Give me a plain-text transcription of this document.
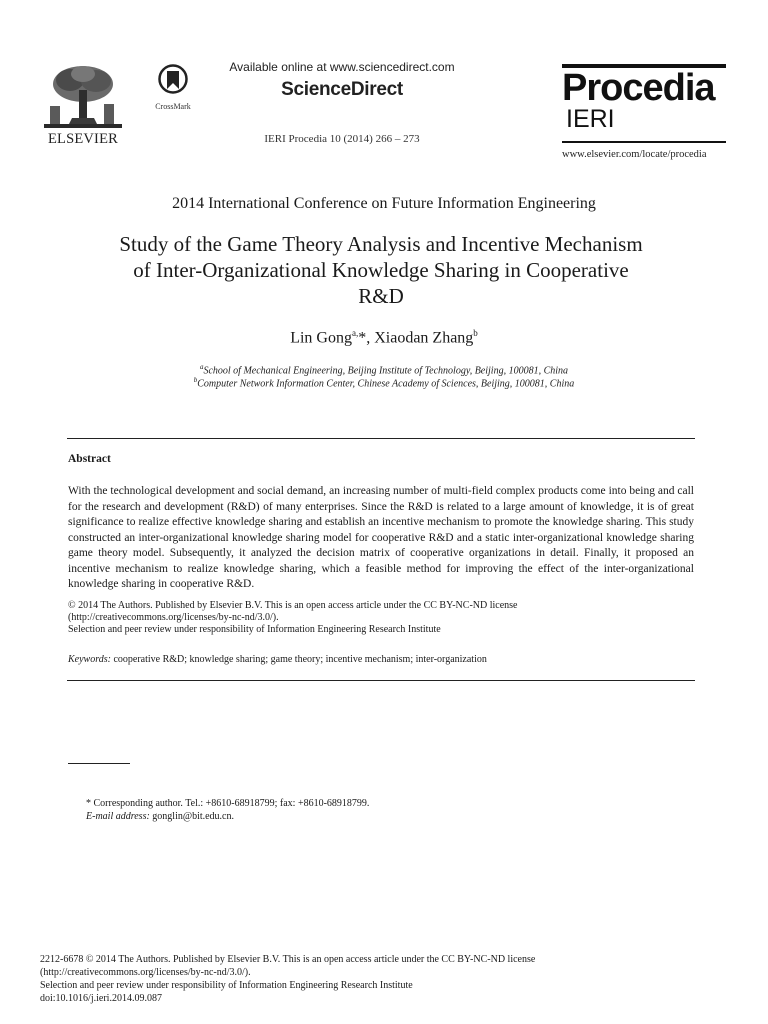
ELSEVIER
CrossMark
Available online at www.sciencedirect.com
ScienceDirect
IERI Procedia 10 (2014) 266 – 273
Procedia
IERI
www.elsevier.com/locate/procedia
2014 International Conference on Future Information Engineering
Study of the Game Theory Analysis and Incentive Mechanism
of Inter-Organizational Knowledge Sharing in Cooperative
R&D
Lin Gong$^{a,}$*, Xiaodan Zhang$^b$
$^a$School of Mechanical Engineering, Beijing Institute of Technology, Beijing, 100081, China
$^b$Computer Network Information Center, Chinese Academy of Sciences, Beijing, 100081, China
Abstract
With the technological development and social demand, an increasing number of multi-field complex products come into being and call for the research and development (R&D) of many enterprises. Since the R&D is related to a large amount of knowledge, it is of great significance to realize effective knowledge sharing and establish an incentive mechanism to promote the knowledge sharing. This study constructed an inter-organizational knowledge sharing model for cooperative R&D and a static inter-organizational knowledge sharing game theory model. Subsequently, it analyzed the decision matrix of cooperative organizations in detail. Finally, it proposed an incentive mechanism to realize knowledge sharing, which a feasible method for improving the effect of the inter-organizational knowledge sharing in cooperative R&D.
© 2014 The Authors. Published by Elsevier B.V. This is an open access article under the CC BY-NC-ND license
(http://creativecommons.org/licenses/by-nc-nd/3.0/).
Selection and peer review under responsibility of Information Engineering Research Institute
Keywords: cooperative R&D; knowledge sharing; game theory; incentive mechanism; inter-organization
* Corresponding author. Tel.: +8610-68918799; fax: +8610-68918799.
E-mail address: gonglin@bit.edu.cn.
2212-6678 © 2014 The Authors. Published by Elsevier B.V. This is an open access article under the CC BY-NC-ND license
(http://creativecommons.org/licenses/by-nc-nd/3.0/).
Selection and peer review under responsibility of Information Engineering Research Institute
doi:10.1016/j.ieri.2014.09.087
